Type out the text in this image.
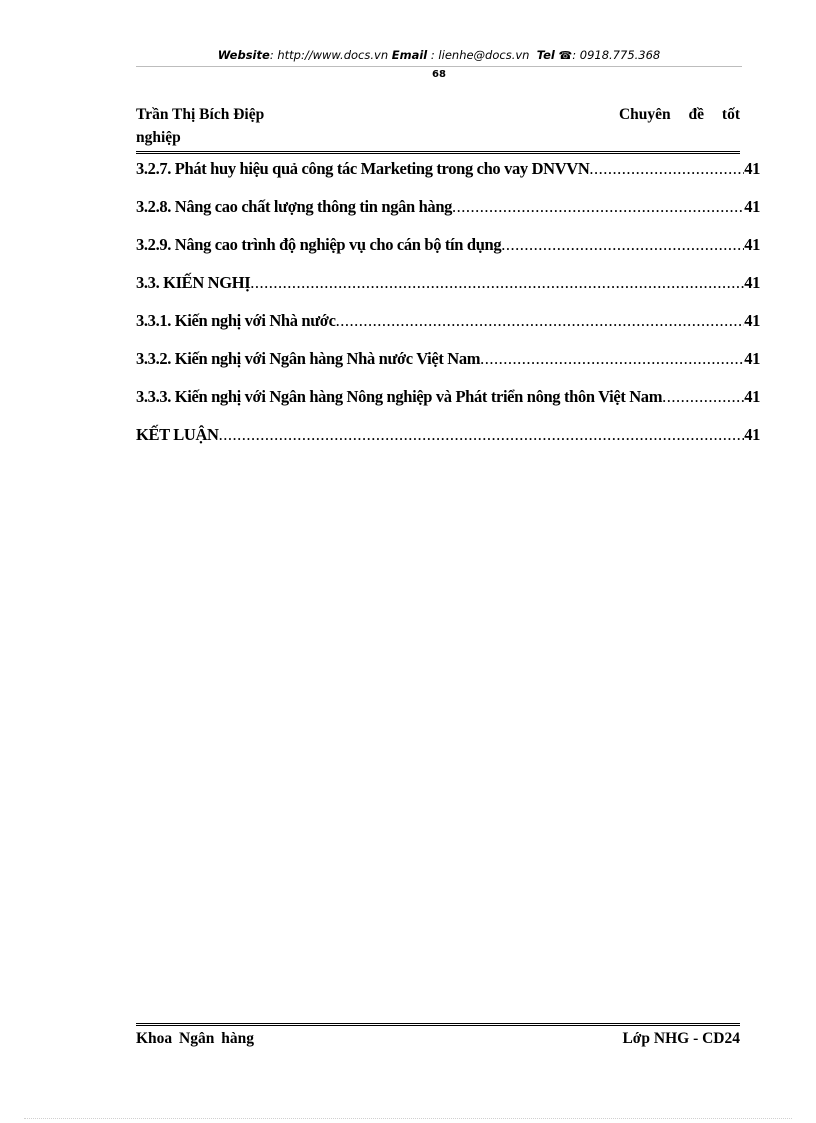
Website: http://www.docs.vn Email : lienhe@docs.vn Tel ☎: 0918.775.368
68
Trần Thị Bích Điệp	Chuyên đề tốt
nghiệp
3.2.7. Phát huy hiệu quả công tác Marketing trong cho vay DNVVN .....	41
3.2.8. Nâng cao chất lượng thông tin ngân hàng .....	41
3.2.9. Nâng cao trình độ nghiệp vụ cho cán bộ tín dụng .....	41
3.3. KIẾN NGHỊ .....	41
3.3.1. Kiến nghị với Nhà nước .....	41
3.3.2. Kiến nghị với Ngân hàng Nhà nước Việt Nam .....	41
3.3.3. Kiến nghị với Ngân hàng Nông nghiệp và Phát triển nông thôn Việt Nam .....	41
KẾT LUẬN .....	41
Khoa Ngân hàng	Lớp NHG - CD24
